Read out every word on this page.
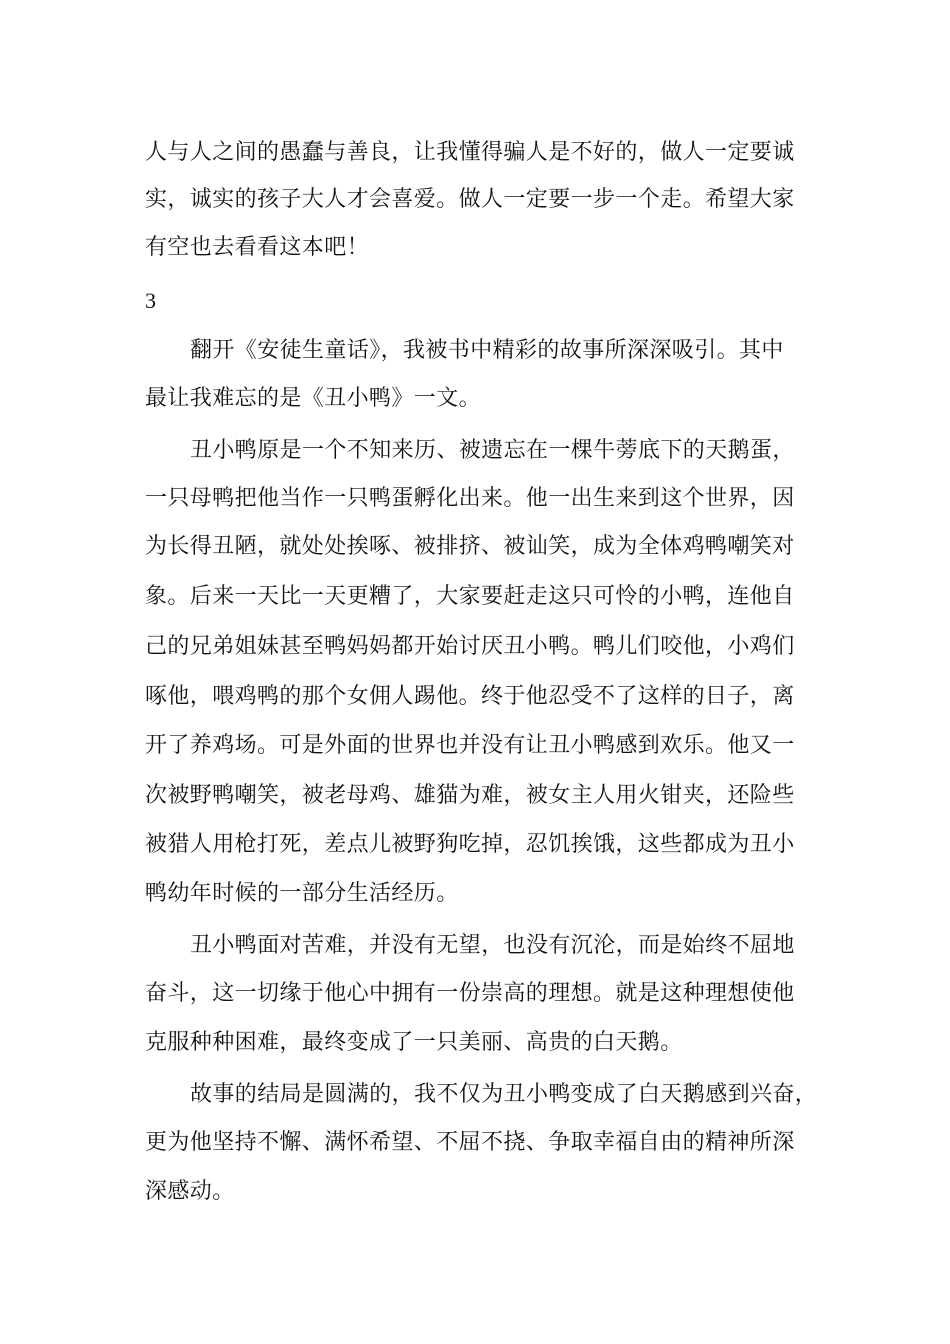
人与人之间的愚蠢与善良，让我懂得骗人是不好的，做人一定要诚
实，诚实的孩子大人才会喜爱。做人一定要一步一个走。希望大家
有空也去看看这本吧！
3
翻开《安徒生童话》，我被书中精彩的故事所深深吸引。其中
最让我难忘的是《丑小鸭》一文。
丑小鸭原是一个不知来历、被遗忘在一棵牛蒡底下的天鹅蛋，
一只母鸭把他当作一只鸭蛋孵化出来。他一出生来到这个世界，因
为长得丑陋，就处处挨啄、被排挤、被讪笑，成为全体鸡鸭嘲笑对
象。后来一天比一天更糟了，大家要赶走这只可怜的小鸭，连他自
己的兄弟姐妹甚至鸭妈妈都开始讨厌丑小鸭。鸭儿们咬他，小鸡们
啄他，喂鸡鸭的那个女佣人踢他。终于他忍受不了这样的日子，离
开了养鸡场。可是外面的世界也并没有让丑小鸭感到欢乐。他又一
次被野鸭嘲笑，被老母鸡、雄猫为难，被女主人用火钳夹，还险些
被猎人用枪打死，差点儿被野狗吃掉，忍饥挨饿，这些都成为丑小
鸭幼年时候的一部分生活经历。
丑小鸭面对苦难，并没有无望，也没有沉沦，而是始终不屈地
奋斗，这一切缘于他心中拥有一份崇高的理想。就是这种理想使他
克服种种困难，最终变成了一只美丽、高贵的白天鹅。
故事的结局是圆满的，我不仅为丑小鸭变成了白天鹅感到兴奋，
更为他坚持不懈、满怀希望、不屈不挠、争取幸福自由的精神所深
深感动。
